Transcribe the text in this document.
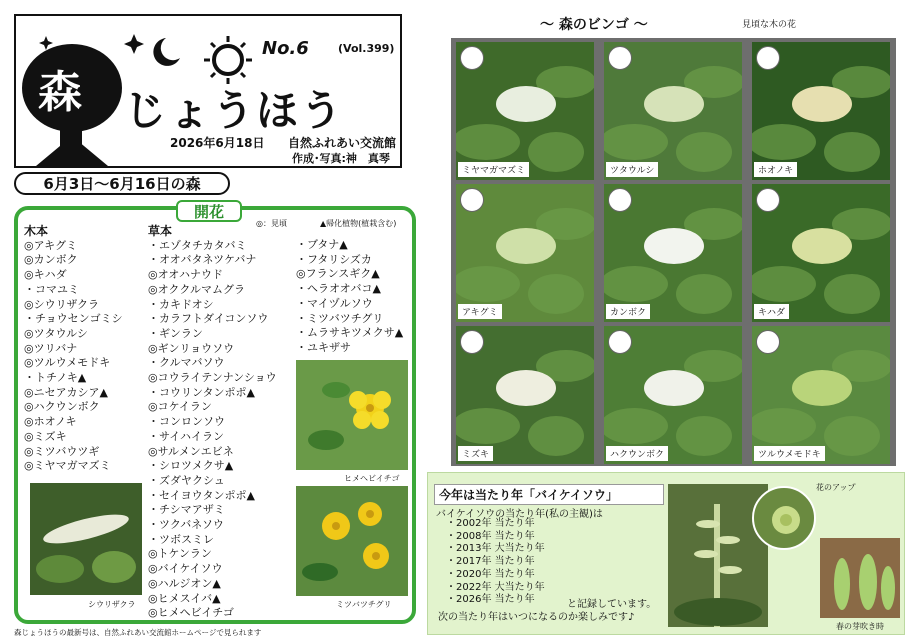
森 じょうほう
No.6	(Vol.399)
2026年6月18日 自然ふれあい交流館
作成･写真:神　真琴
6月3日～6月16日の森
開花
◎：見頃	▲帰化植物(植栽含む)
木本
◎アキグミ
◎カンボク
◎キハダ
・コマユミ
◎シウリザクラ
・チョウセンゴミシ
◎ツタウルシ
◎ツリバナ
◎ツルウメモドキ
・トチノキ▲
◎ニセアカシア▲
◎ハクウンボク
◎ホオノキ
◎ミズキ
◎ミツバウツギ
◎ミヤマガマズミ
草本
・エゾタチカタバミ
・オオバタネツケバナ
◎オオハナウド
◎オククルマムグラ
・カキドオシ
・カラフトダイコンソウ
・ギンラン
◎ギンリョウソウ
・クルマバソウ
◎コウライテンナンショウ
・コウリンタンポポ▲
◎コケイラン
・コンロンソウ
・サイハイラン
◎サルメンエビネ
・シロツメクサ▲
・ズダヤクシュ
・セイヨウタンポポ▲
・チシマアザミ
・ツクバネソウ
・ツボスミレ
◎トケンラン
◎バイケイソウ
◎ハルジオン▲
◎ヒメスイバ▲
◎ヒメヘビイチゴ
・ブタナ▲
・フタリシズカ
◎フランスギク▲
・ヘラオオバコ▲
・マイヅルソウ
・ミツバツチグリ
・ムラサキツメクサ▲
・ユキザサ
ヒメヘビイチゴ
ミツバツチグリ
シウリザクラ
森じょうほうの最新号は、自然ふれあい交流館ホームページで見られます
～ 森のビンゴ ～	見頃な木の花
ミヤマガマズミ	ツタウルシ	ホオノキ
アキグミ	カンボク	キハダ
ミズキ	ハクウンボク	ツルウメモドキ
今年は当たり年「バイケイソウ」
バイケイソウの当たり年(私の主観)は
・2002年 当たり年
・2008年 当たり年
・2013年 大当たり年
・2017年 当たり年
・2020年 当たり年
・2022年 大当たり年
・2026年 当たり年	と記録しています。
次の当たり年はいつになるのか楽しみです♪
花のアップ
春の芽吹き時
